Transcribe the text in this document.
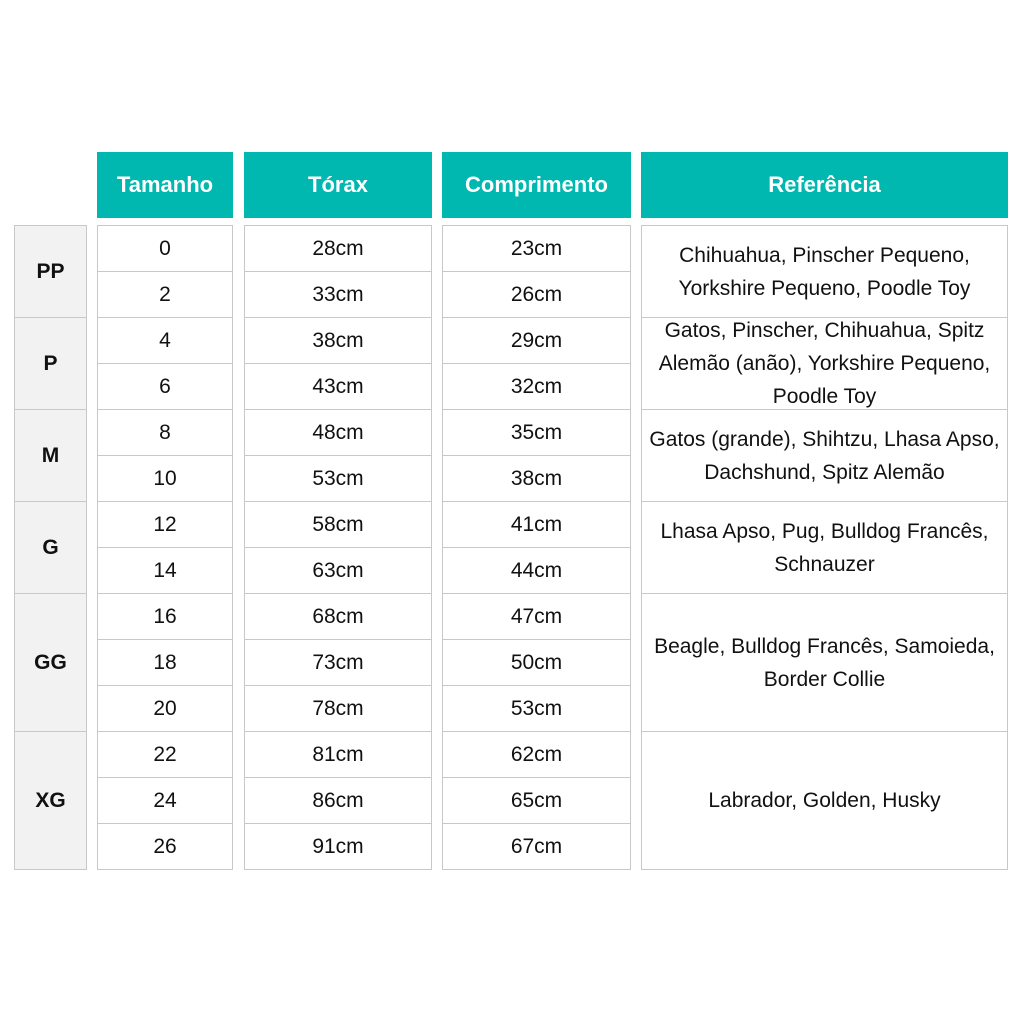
Tamanho	Tórax	Comprimento	Referência
PP
0	28cm	23cm
2	33cm	26cm
Chihuahua, Pinscher Pequeno, Yorkshire Pequeno, Poodle Toy
P
4	38cm	29cm
6	43cm	32cm
Gatos, Pinscher, Chihuahua, Spitz Alemão (anão), Yorkshire Pequeno, Poodle Toy
M
8	48cm	35cm
10	53cm	38cm
Gatos (grande), Shihtzu, Lhasa Apso, Dachshund, Spitz Alemão
G
12	58cm	41cm
14	63cm	44cm
Lhasa Apso, Pug, Bulldog Francês, Schnauzer
GG
16	68cm	47cm
18	73cm	50cm
20	78cm	53cm
Beagle, Bulldog Francês, Samoieda, Border Collie
XG
22	81cm	62cm
24	86cm	65cm
26	91cm	67cm
Labrador, Golden, Husky
